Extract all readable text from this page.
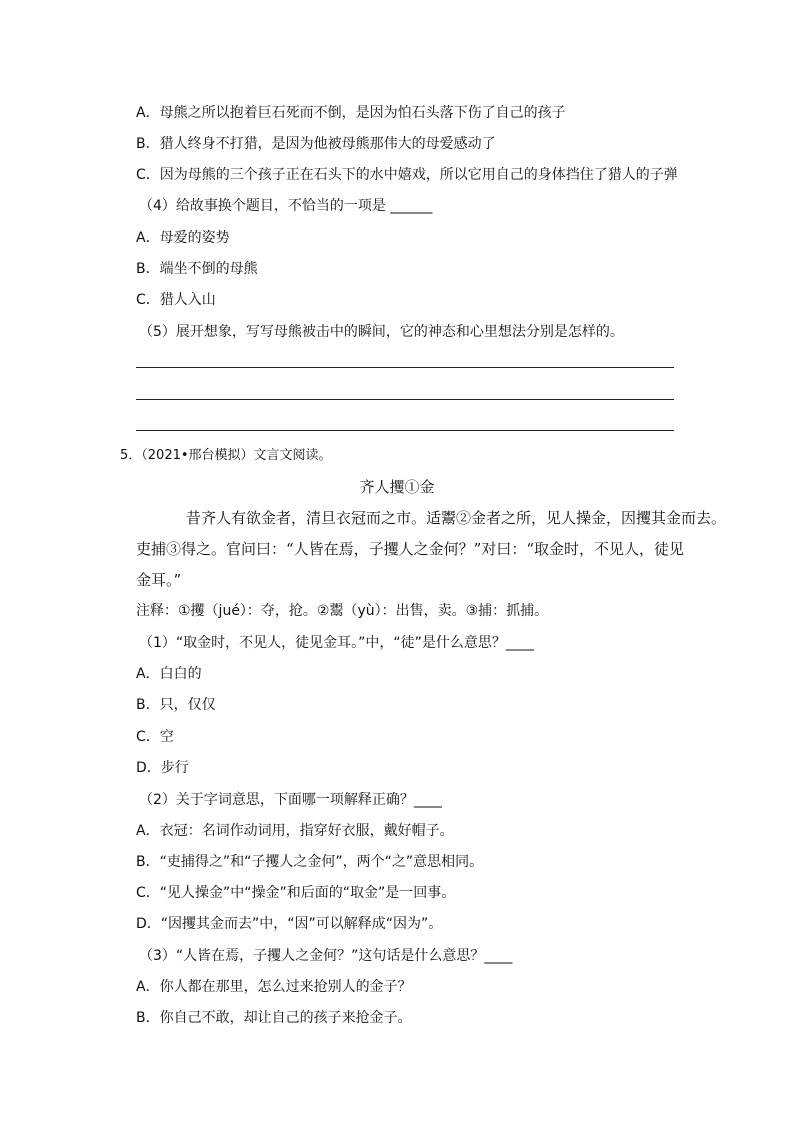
A．母熊之所以抱着巨石死而不倒，是因为怕石头落下伤了自己的孩子
B．猎人终身不打猎，是因为他被母熊那伟大的母爱感动了
C．因为母熊的三个孩子正在石头下的水中嬉戏，所以它用自己的身体挡住了猎人的子弹
（4）给故事换个题目，不恰当的一项是 ______
A．母爱的姿势
B．端坐不倒的母熊
C．猎人入山
（5）展开想象，写写母熊被击中的瞬间，它的神态和心里想法分别是怎样的。
5．（2021•邢台模拟）文言文阅读。
齐人攫①金
昔齐人有欲金者，清旦衣冠而之市。适鬻②金者之所，见人操金，因攫其金而去。
吏捕③得之。官问曰：“人皆在焉，子攫人之金何？”对曰：“取金时，不见人，徒见
金耳。”
注释：①攫（jué）：夺，抢。②鬻（yù）：出售，卖。③捕：抓捕。
（1）“取金时，不见人，徒见金耳。”中，“徒”是什么意思？____
A．白白的
B．只，仅仅
C．空
D．步行
（2）关于字词意思，下面哪一项解释正确？____
A．衣冠：名词作动词用，指穿好衣服，戴好帽子。
B．“吏捕得之”和“子攫人之金何”，两个“之”意思相同。
C．“见人操金”中“操金”和后面的“取金”是一回事。
D．“因攫其金而去”中，“因”可以解释成“因为”。
（3）“人皆在焉，子攫人之金何？”这句话是什么意思？____
A．你人都在那里，怎么过来抢别人的金子？
B．你自己不敢，却让自己的孩子来抢金子。
